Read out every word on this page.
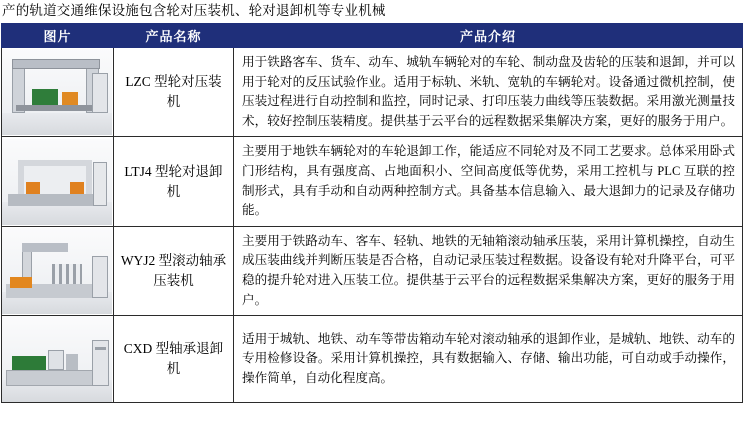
产的轨道交通维保设施包含轮对压装机、轮对退卸机等专业机械
图片	产品名称	产品介绍

	LZC 型轮对压装机	用于铁路客车、货车、动车、城轨车辆轮对的车轮、制动盘及齿轮的压装和退卸，并可以用于轮对的反压试验作业。适用于标轨、米轨、宽轨的车辆轮对。设备通过微机控制，使压装过程进行自动控制和监控，同时记录、打印压装力曲线等压装数据。采用激光测量技术，较好控制压装精度。提供基于云平台的远程数据采集解决方案，更好的服务于用户。

	LTJ4 型轮对退卸机	主要用于地铁车辆轮对的车轮退卸工作，能适应不同轮对及不同工艺要求。总体采用卧式门形结构，具有强度高、占地面积小、空间高度低等优势，采用工控机与 PLC 互联的控制形式，具有手动和自动两种控制方式。具备基本信息输入、最大退卸力的记录及存储功能。

	WYJ2 型滚动轴承压装机	主要用于铁路动车、客车、轻轨、地铁的无轴箱滚动轴承压装，采用计算机操控，自动生成压装曲线并判断压装是否合格，自动记录压装过程数据。设备设有轮对升降平台，可平稳的提升轮对进入压装工位。提供基于云平台的远程数据采集解决方案，更好的服务于用户。

	CXD 型轴承退卸机	适用于城轨、地铁、动车等带齿箱动车轮对滚动轴承的退卸作业，是城轨、地铁、动车的专用检修设备。采用计算机操控，具有数据输入、存储、输出功能，可自动或手动操作，操作简单，自动化程度高。
